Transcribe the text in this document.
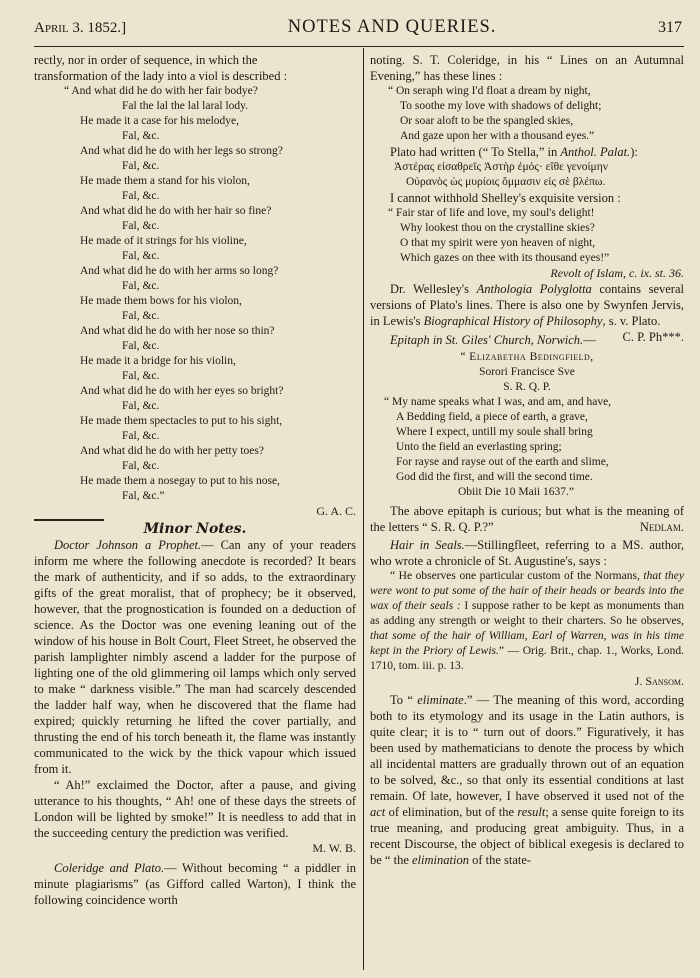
April 3. 1852.]	NOTES AND QUERIES.	317

rectly, nor in order of sequence, in which the

transformation of the lady into a viol is described :

“ And what did he do with her fair bodye?
Fal the lal the lal laral lody.
He made it a case for his melodye,
Fal, &c.
And what did he do with her legs so strong?
Fal, &c.
He made them a stand for his violon,
Fal, &c.
And what did he do with her hair so fine?
Fal, &c.
He made of it strings for his violine,
Fal, &c.
And what did he do with her arms so long?
Fal, &c.
He made them bows for his violon,
Fal, &c.
And what did he do with her nose so thin?
Fal, &c.
He made it a bridge for his violin,
Fal, &c.
And what did he do with her eyes so bright?
Fal, &c.
He made them spectacles to put to his sight,
Fal, &c.
And what did he do with her petty toes?
Fal, &c.
He made them a nosegay to put to his nose,
Fal, &c.”
G. A. C.
Minor Notes.

Doctor Johnson a Prophet.— Can any of your readers inform me where the following anecdote is recorded? It bears the mark of authenticity, and if so adds, to the extraordinary gifts of the great moralist, that of prophecy; be it observed, however, that the prognostication is founded on a deduction of science. As the Doctor was one evening leaning out of the window of his house in Bolt Court, Fleet Street, he observed the parish lamplighter nimbly ascend a ladder for the purpose of lighting one of the old glimmering oil lamps which only served to make “ darkness visible.” The man had scarcely descended the ladder half way, when he discovered that the flame had expired; quickly returning he lifted the cover partially, and thrusting the end of his torch beneath it, the flame was instantly communicated to the wick by the thick vapour which issued from it.

“ Ah!” exclaimed the Doctor, after a pause, and giving utterance to his thoughts, “ Ah! one of these days the streets of London will be lighted by smoke!” It is needless to add that in the succeeding century the prediction was verified.

M. W. B.

Coleridge and Plato.— Without becoming “ a piddler in minute plagiarisms” (as Gifford called Warton), I think the following coincidence worth

noting. S. T. Coleridge, in his “ Lines on an Autumnal Evening,” has these lines :

“ On seraph wing I'd float a dream by night,
To soothe my love with shadows of delight;
Or soar aloft to be the spangled skies,
And gaze upon her with a thousand eyes.”

Plato had written (“ To Stella,” in Anthol. Palat.):

Ἀστέρας εἰσαθρεῖς Ἀστὴρ ἐμός· εἴθε γενοίμην
Οὐρανὸς ὡς μυρίοις ὄμμασιν εἰς σὲ βλέπω.

I cannot withhold Shelley's exquisite version :

“ Fair star of life and love, my soul's delight!
Why lookest thou on the crystalline skies?
O that my spirit were yon heaven of night,
Which gazes on thee with its thousand eyes!”
Revolt of Islam, c. ix. st. 36.

Dr. Wellesley's Anthologia Polyglotta contains several versions of Plato's lines. There is also one by Swynfen Jervis, in Lewis's Biographical History of Philosophy, s. v. Plato.
C. P. Ph***.

Epitaph in St. Giles' Church, Norwich.—

“ Elizabetha Bedingfield,
Sorori Francisce Sve
S. R. Q. P.
“ My name speaks what I was, and am, and have,
A Bedding field, a piece of earth, a grave,
Where I expect, untill my soule shall bring
Unto the field an everlasting spring;
For rayse and rayse out of the earth and slime,
God did the first, and will the second time.
Obiit Die 10 Maii 1637.”

The above epitaph is curious; but what is the meaning of the letters “ S. R. Q. P.?”	Nedlam.

Hair in Seals.—Stillingfleet, referring to a MS. author, who wrote a chronicle of St. Augustine's, says :

“ He observes one particular custom of the Normans, that they were wont to put some of the hair of their heads or beards into the wax of their seals : I suppose rather to be kept as monuments than as adding any strength or weight to their charters. So he observes, that some of the hair of William, Earl of Warren, was in his time kept in the Priory of Lewis.” — Orig. Brit., chap. 1., Works, Lond. 1710, tom. iii. p. 13.

J. Sansom.

To “ eliminate.” — The meaning of this word, according both to its etymology and its usage in the Latin authors, is quite clear; it is to “ turn out of doors.” Figuratively, it has been used by mathematicians to denote the process by which all incidental matters are gradually thrown out of an equation to be solved, &c., so that only its essential conditions at last remain. Of late, however, I have observed it used not of the act of elimination, but of the result; a sense quite foreign to its true meaning, and producing great ambiguity. Thus, in a recent Discourse, the object of biblical exegesis is declared to be “ the elimination of the state-
